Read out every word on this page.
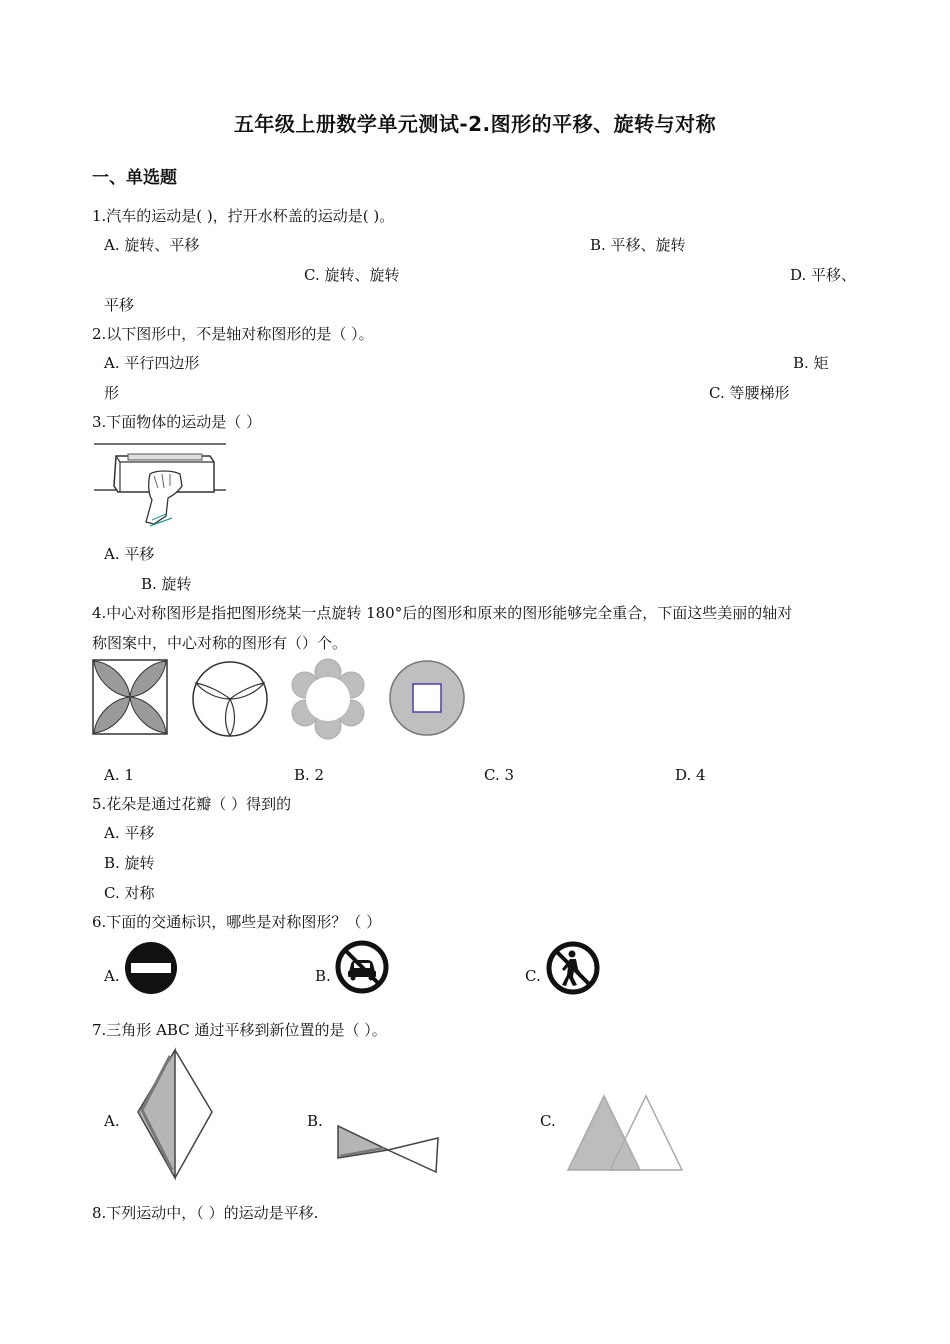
五年级上册数学单元测试-2.图形的平移、旋转与对称
一、单选题
1.汽车的运动是( )，拧开水杯盖的运动是( )。
A. 旋转、平移	B. 平移、旋转
C. 旋转、旋转	D. 平移、
平移
2.以下图形中，不是轴对称图形的是（ ）。
A. 平行四边形	B. 矩
形	C. 等腰梯形
3.下面物体的运动是（ ）
A. 平移
B. 旋转
4.中心对称图形是指把图形绕某一点旋转 180°后的图形和原来的图形能够完全重合，下面这些美丽的轴对
称图案中，中心对称的图形有（）个。
A. 1	B. 2	C. 3	D. 4
5.花朵是通过花瓣（ ）得到的
A. 平移
B. 旋转
C. 对称
6.下面的交通标识，哪些是对称图形？（ ）
A.	B.	C.
7.三角形 ABC 通过平移到新位置的是（ ）。
A.	B.	C.
8.下列运动中，（ ）的运动是平移.
